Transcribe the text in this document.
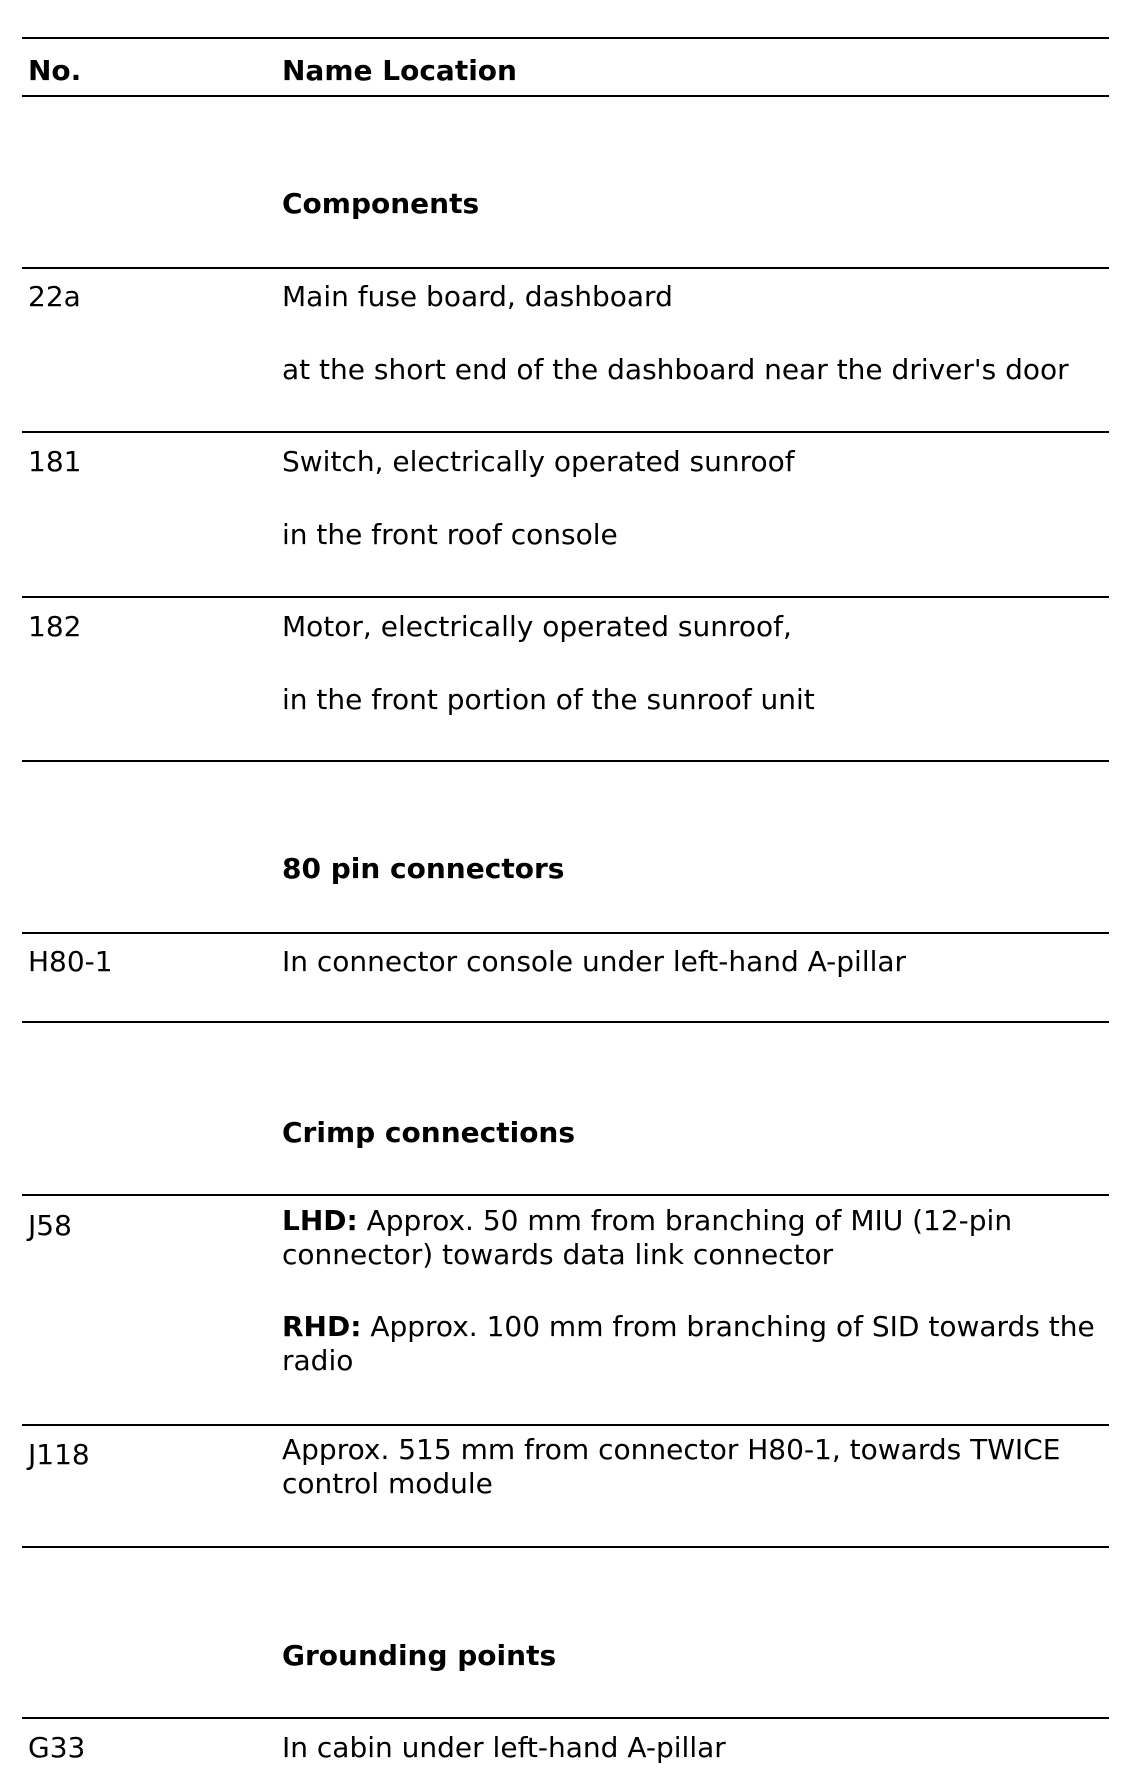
No.	Name Location
Components
22a	Main fuse board, dashboard
at the short end of the dashboard near the driver's door
181	Switch, electrically operated sunroof
in the front roof console
182	Motor, electrically operated sunroof,
in the front portion of the sunroof unit
80 pin connectors
H80-1	In connector console under left-hand A-pillar
Crimp connections
J58	LHD: Approx. 50 mm from branching of MIU (12-pin connector) towards data link connector
RHD: Approx. 100 mm from branching of SID towards the radio
J118	Approx. 515 mm from connector H80-1, towards TWICE control module
Grounding points
G33	In cabin under left-hand A-pillar
